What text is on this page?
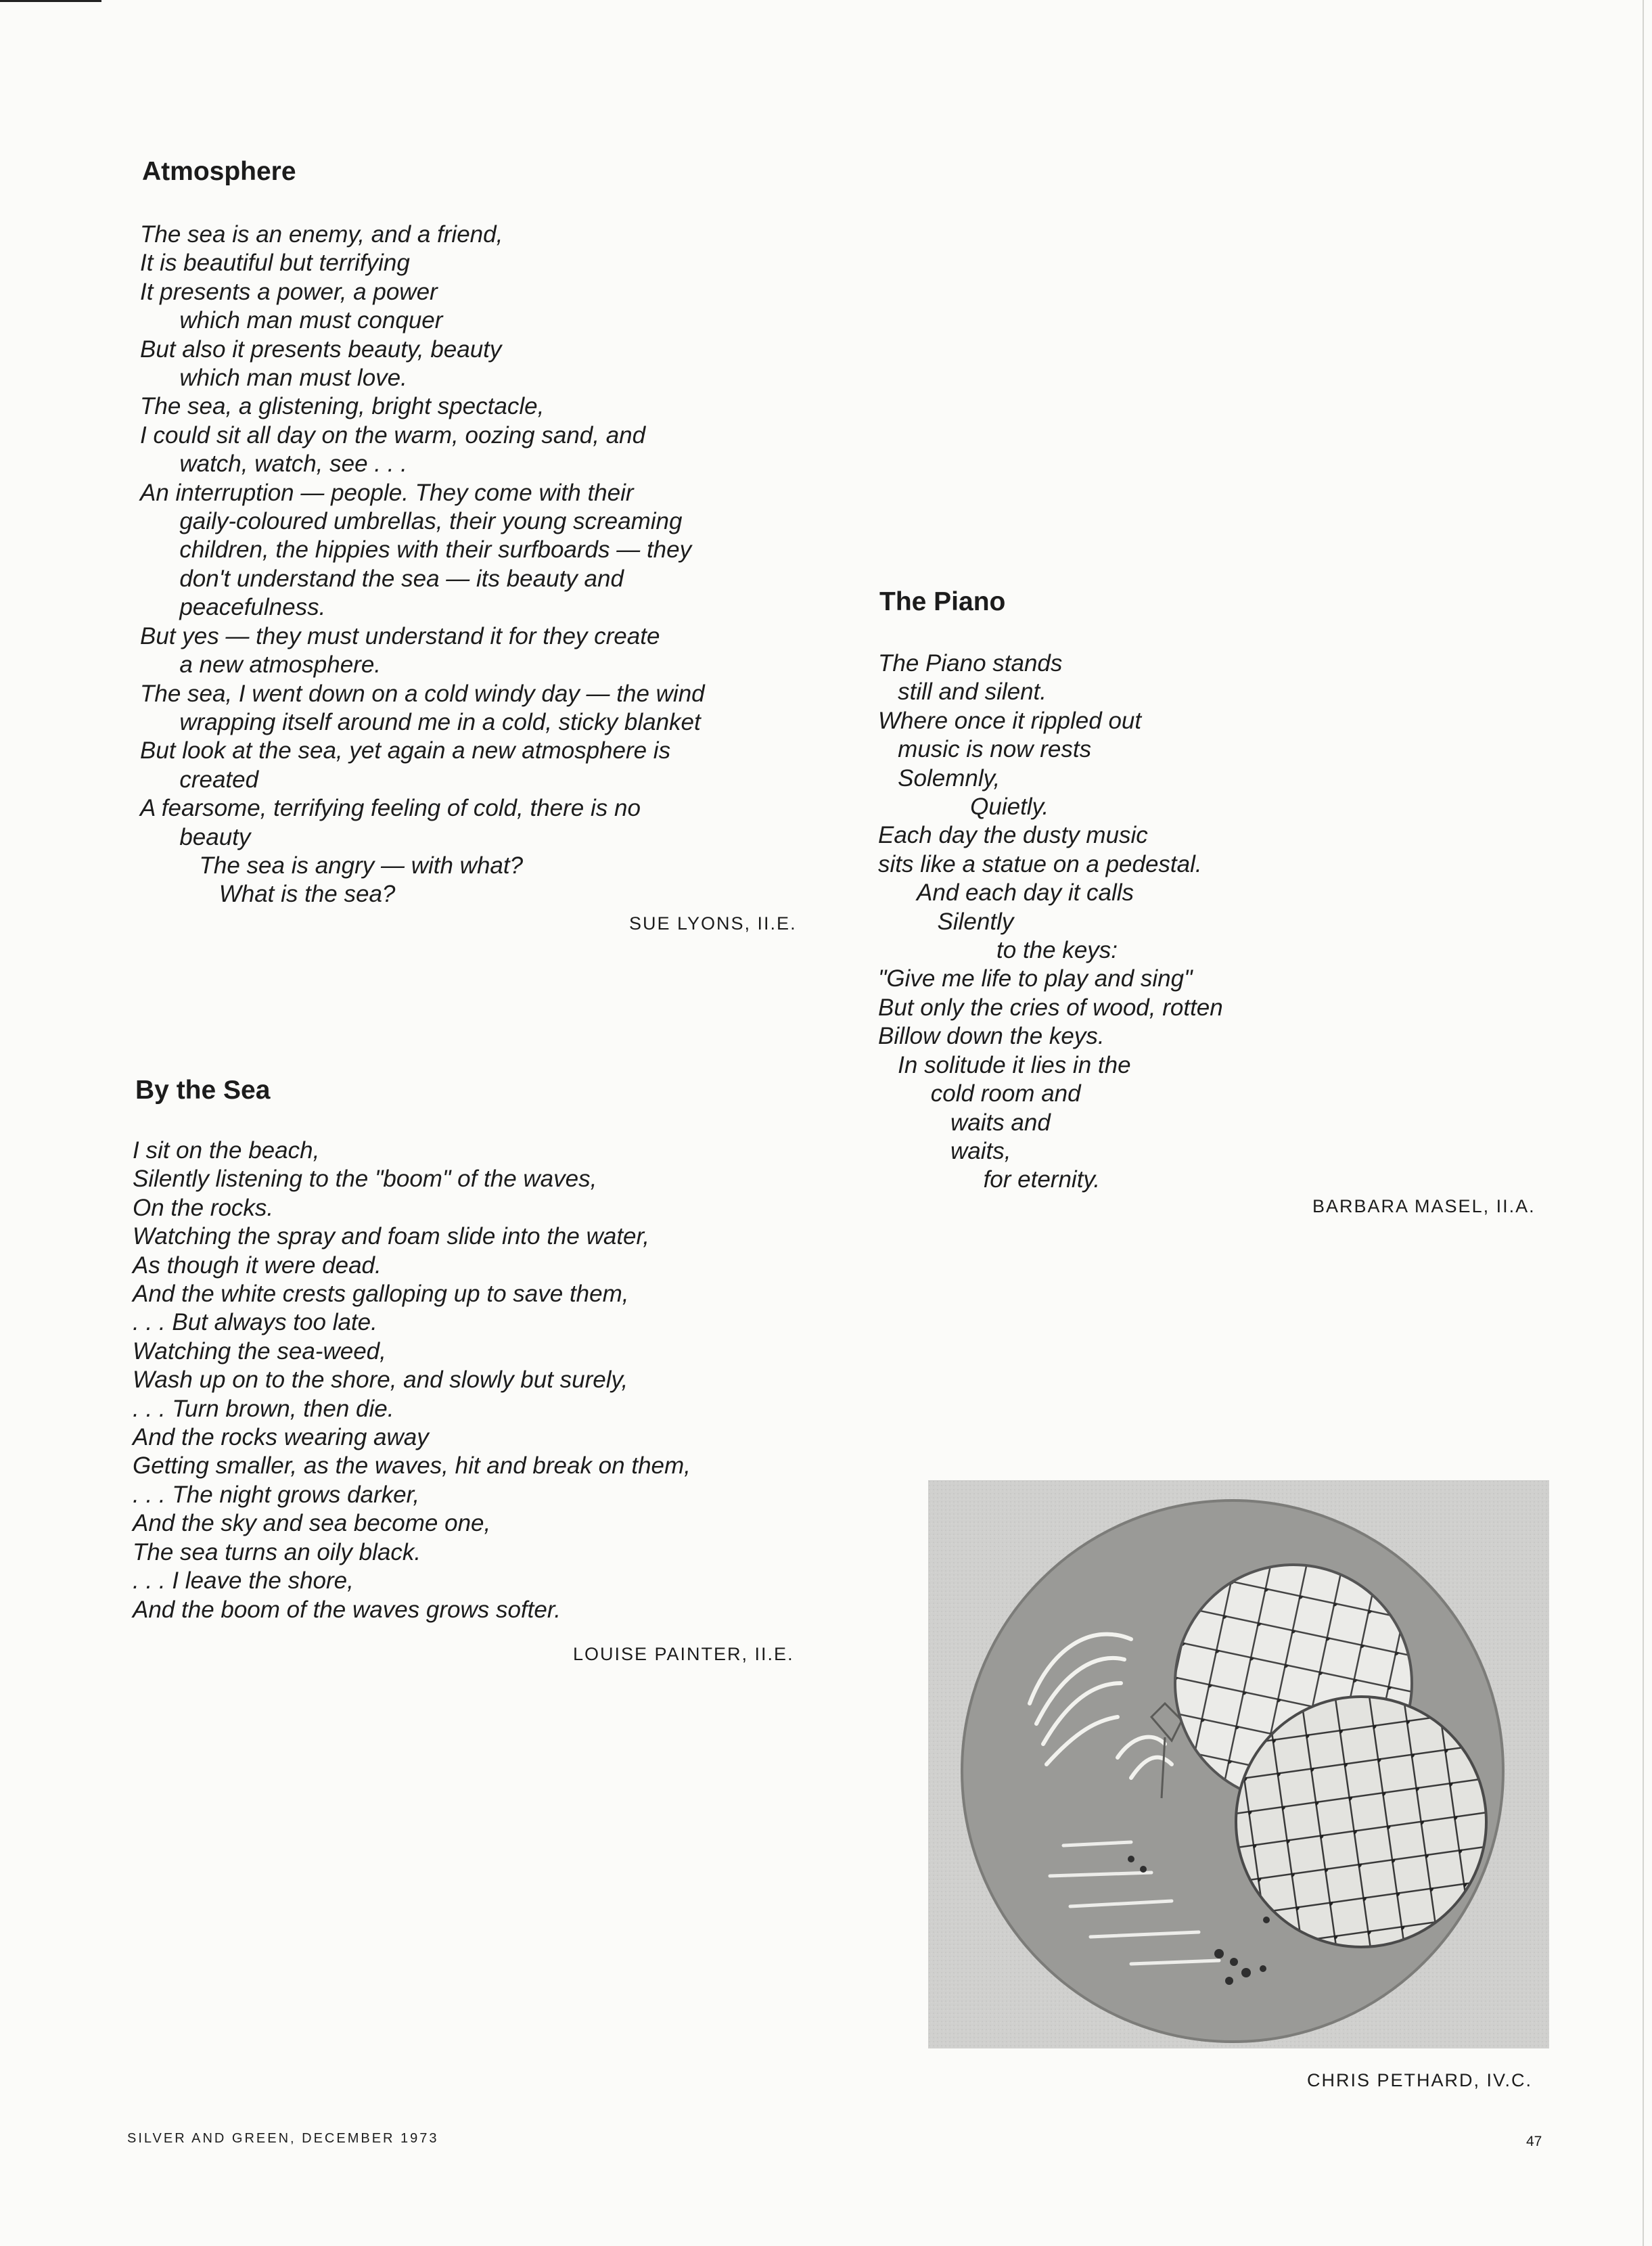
Atmosphere
The sea is an enemy, and a friend,
It is beautiful but terrifying
It presents a power, a power
which man must conquer
But also it presents beauty, beauty
which man must love.
The sea, a glistening, bright spectacle,
I could sit all day on the warm, oozing sand, and
watch, watch, see . . .
An interruption — people. They come with their
gaily-coloured umbrellas, their young screaming
children, the hippies with their surfboards — they
don't understand the sea — its beauty and
peacefulness.
But yes — they must understand it for they create
a new atmosphere.
The sea, I went down on a cold windy day — the wind
wrapping itself around me in a cold, sticky blanket
But look at the sea, yet again a new atmosphere is
created
A fearsome, terrifying feeling of cold, there is no
beauty
The sea is angry — with what?
What is the sea?
SUE LYONS, II.E.
By the Sea
I sit on the beach,
Silently listening to the "boom" of the waves,
On the rocks.
Watching the spray and foam slide into the water,
As though it were dead.
And the white crests galloping up to save them,
. . . But always too late.
Watching the sea-weed,
Wash up on to the shore, and slowly but surely,
. . . Turn brown, then die.
And the rocks wearing away
Getting smaller, as the waves, hit and break on them,
. . . The night grows darker,
And the sky and sea become one,
The sea turns an oily black.
. . . I leave the shore,
And the boom of the waves grows softer.
LOUISE PAINTER, II.E.
The Piano
The Piano stands
still and silent.
Where once it rippled out
music is now rests
Solemnly,
Quietly.
Each day the dusty music
sits like a statue on a pedestal.
And each day it calls
Silently
to the keys:
"Give me life to play and sing"
But only the cries of wood, rotten
Billow down the keys.
In solitude it lies in the
cold room and
waits and
waits,
for eternity.
BARBARA MASEL, II.A.
CHRIS PETHARD, IV.C.
SILVER AND GREEN, DECEMBER 1973	47
